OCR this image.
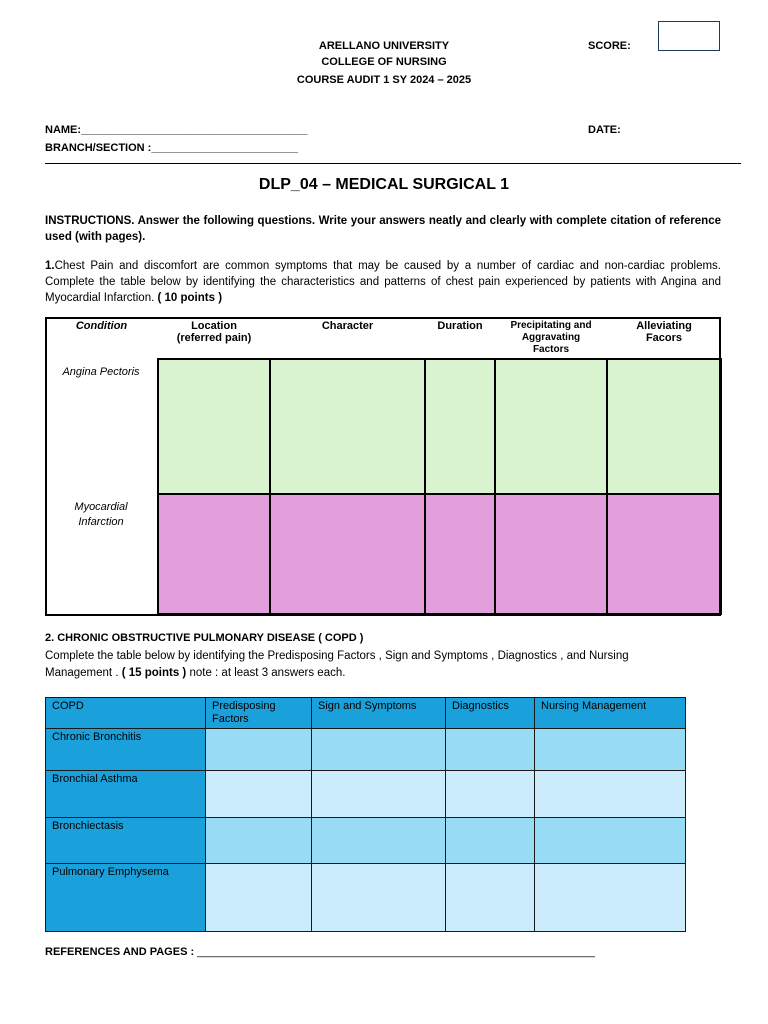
ARELLANO UNIVERSITY
COLLEGE OF NURSING
COURSE AUDIT 1 SY 2024 – 2025
SCORE:
NAME:_____________________________________	DATE:
BRANCH/SECTION :________________________
DLP_04 – MEDICAL SURGICAL 1
INSTRUCTIONS. Answer the following questions. Write your answers neatly and clearly with complete citation of reference used (with pages).
1.Chest Pain and discomfort are common symptoms that may be caused by a number of cardiac and non-cardiac problems. Complete the table below by identifying the characteristics and patterns of chest pain experienced by patients with Angina and Myocardial Infarction. ( 10 points )
Condition	Location (referred pain)	Character	Duration	Precipitating and Aggravating Factors	Alleviating Facors

Angina Pectoris					

Myocardial Infarction					

2. CHRONIC OBSTRUCTIVE PULMONARY DISEASE ( COPD )
Complete the table below by identifying the Predisposing Factors , Sign and Symptoms , Diagnostics , and Nursing Management . ( 15 points ) note : at least 3 answers each.
COPD	Predisposing Factors	Sign and Symptoms	Diagnostics	Nursing Management
Chronic Bronchitis				
Bronchial Asthma				
Bronchiectasis				
Pulmonary Emphysema				
REFERENCES AND PAGES : _________________________________________________________________
